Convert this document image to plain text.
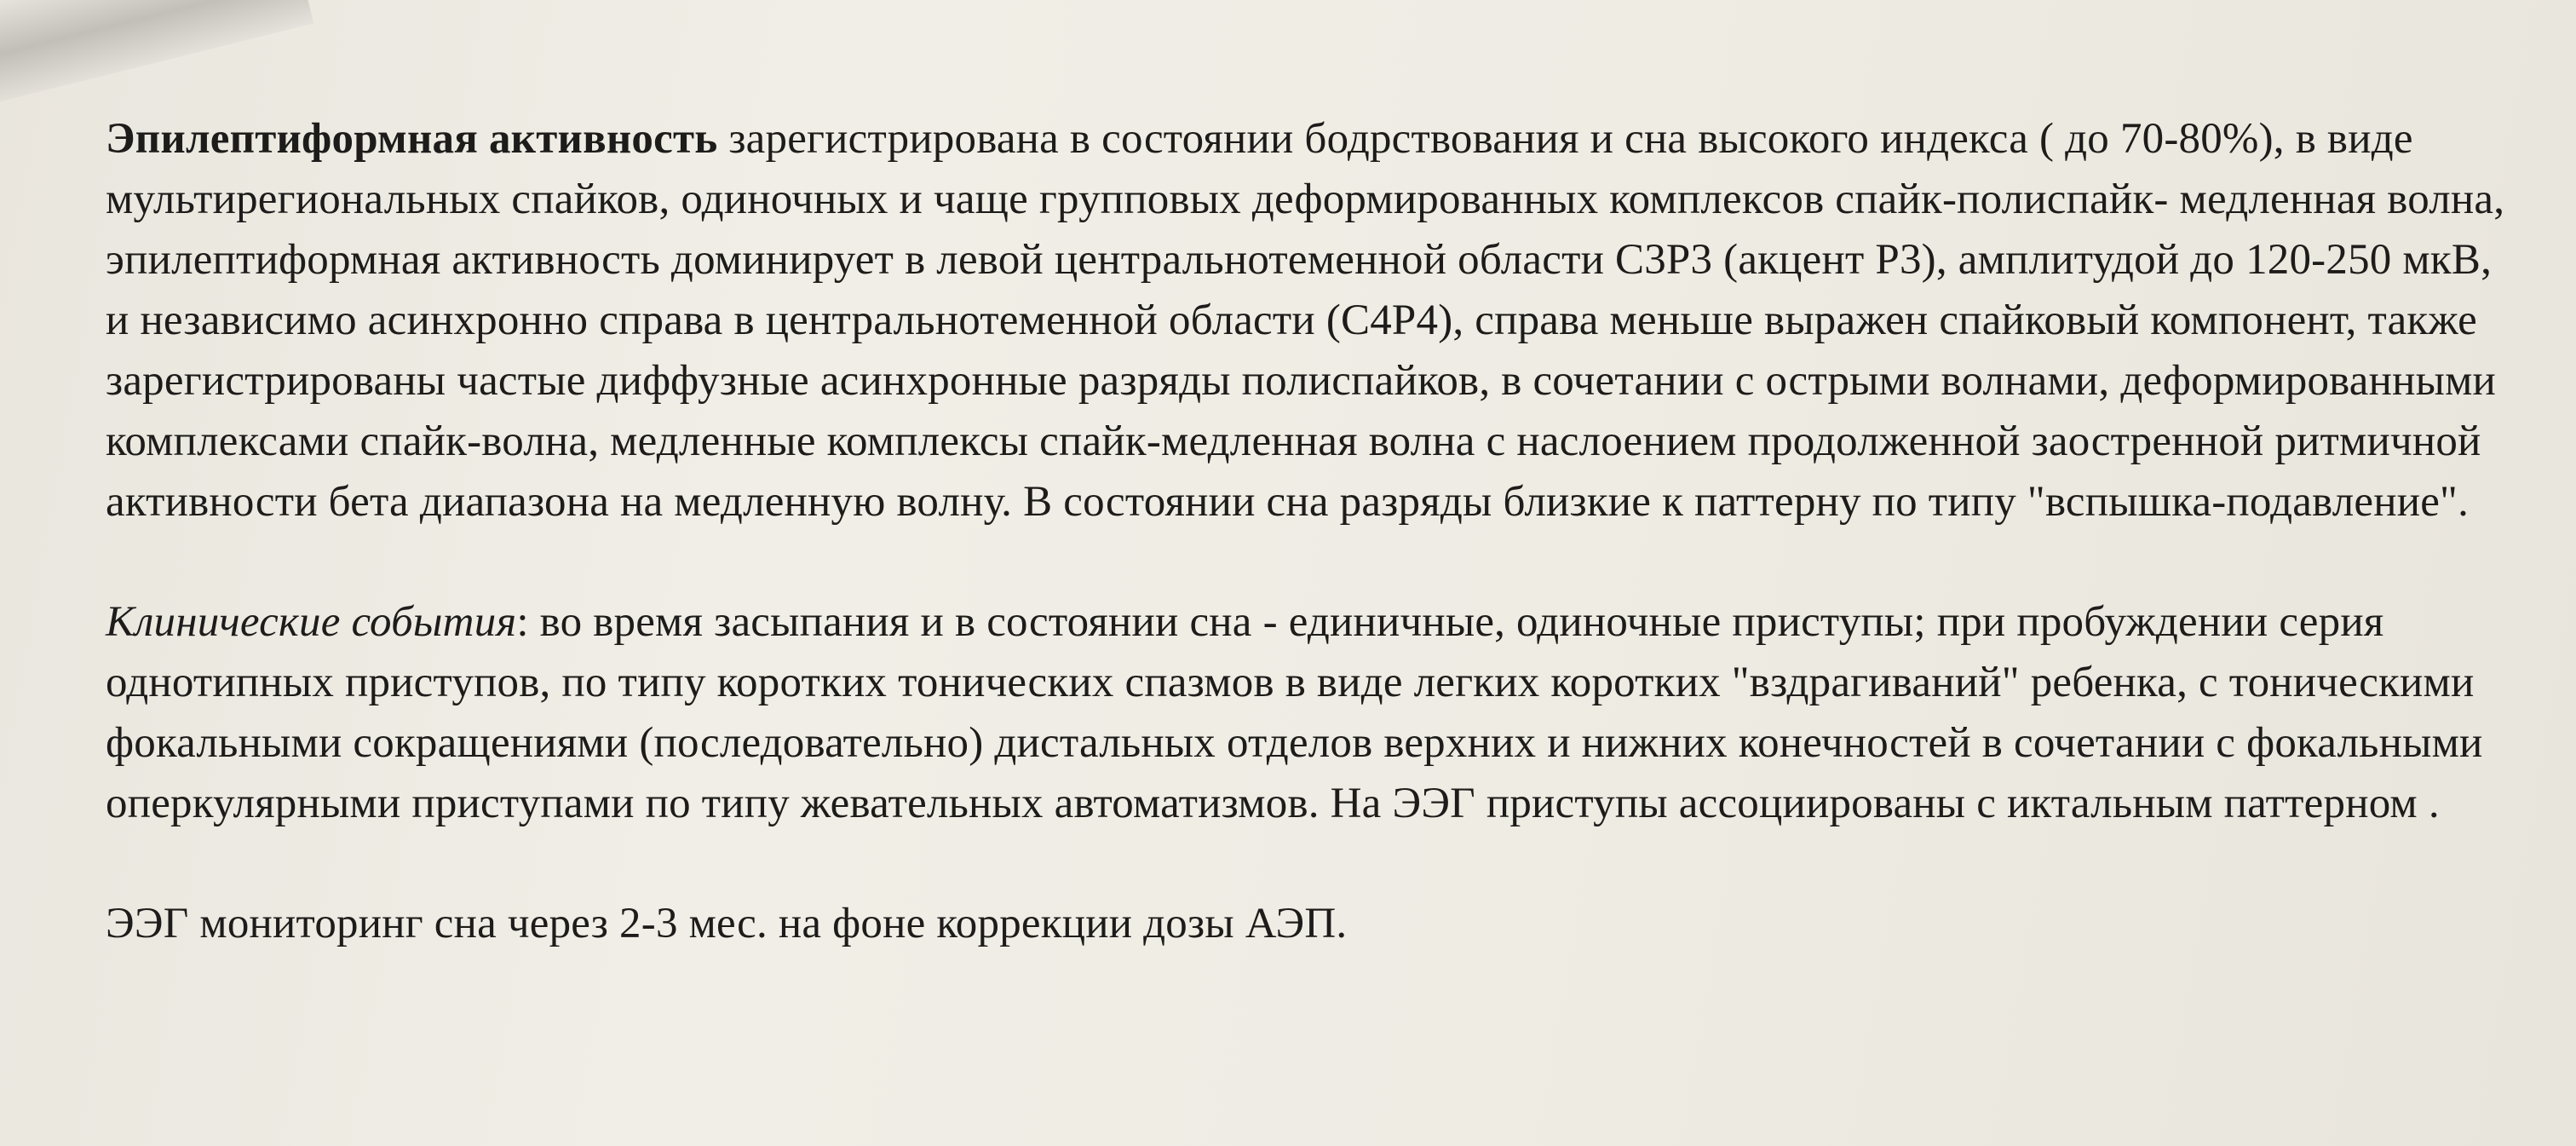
Эпилептиформная активность зарегистрирована в состоянии бодрствования и сна высокого индекса ( до 70-80%), в виде мультирегиональных спайков, одиночных и чаще групповых деформированных комплексов спайк-полиспайк- медленная волна, эпилептиформная активность доминирует в левой центральнотеменной области С3Р3 (акцент Р3), амплитудой до 120-250 мкВ, и независимо асинхронно справа в центральнотеменной области (С4Р4), справа меньше выражен спайковый компонент, также зарегистрированы частые диффузные асинхронные разряды полиспайков, в сочетании с острыми волнами, деформированными комплексами спайк-волна, медленные комплексы спайк-медленная волна с наслоением продолженной заостренной ритмичной активности бета диапазона на медленную волну. В состоянии сна разряды близкие к паттерну по типу "вспышка-подавление".

Клинические события: во время засыпания и в состоянии сна - единичные, одиночные приступы; при пробуждении серия однотипных приступов, по типу коротких тонических спазмов в виде легких коротких "вздрагиваний" ребенка, с тоническими фокальными сокращениями (последовательно) дистальных отделов верхних и нижних конечностей в сочетании с фокальными оперкулярными приступами по типу жевательных автоматизмов. На ЭЭГ приступы ассоциированы с иктальным паттерном .

ЭЭГ мониторинг сна через 2-3 мес. на фоне коррекции дозы АЭП.
